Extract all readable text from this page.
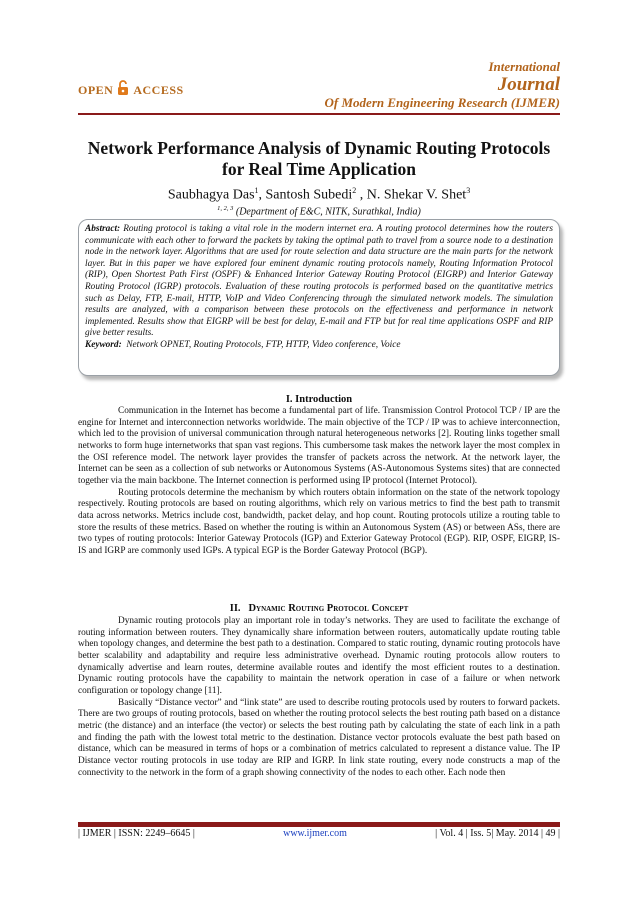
OPEN ACCESS
International
Journal
Of Modern Engineering Research (IJMER)
Network Performance Analysis of Dynamic Routing Protocols for Real Time Application
Saubhagya Das$^1$, Santosh Subedi$^2$ , N. Shekar V. Shet$^3$
$^{1, 2, 3}$ (Department of E&C, NITK, Surathkal, India)
Abstract: Routing protocol is taking a vital role in the modern internet era. A routing protocol determines how the routers communicate with each other to forward the packets by taking the optimal path to travel from a source node to a destination node in the network layer. Algorithms that are used for route selection and data structure are the main parts for the network layer. But in this paper we have explored four eminent dynamic routing protocols namely, Routing Information Protocol (RIP), Open Shortest Path First (OSPF) & Enhanced Interior Gateway Routing Protocol (EIGRP) and Interior Gateway Routing Protocol (IGRP) protocols. Evaluation of these routing protocols is performed based on the quantitative metrics such as Delay, FTP, E-mail, HTTP, VoIP and Video Conferencing through the simulated network models. The simulation results are analyzed, with a comparison between these protocols on the effectiveness and performance in network implemented. Results show that EIGRP will be best for delay, E-mail and FTP but for real time applications OSPF and RIP give better results.
Keyword: Network OPNET, Routing Protocols, FTP, HTTP, Video conference, Voice
I. Introduction

Communication in the Internet has become a fundamental part of life. Transmission Control Protocol TCP / IP are the engine for Internet and interconnection networks worldwide. The main objective of the TCP / IP was to achieve interconnection, which led to the provision of universal communication through natural heterogeneous networks [2]. Routing links together small networks to form huge internetworks that span vast regions. This cumbersome task makes the network layer the most complex in the OSI reference model. The network layer provides the transfer of packets across the network. At the network layer, the Internet can be seen as a collection of sub networks or Autonomous Systems (AS-Autonomous Systems sites) that are connected together via the main backbone. The Internet connection is performed using IP protocol (Internet Protocol).

Routing protocols determine the mechanism by which routers obtain information on the state of the network topology respectively. Routing protocols are based on routing algorithms, which rely on various metrics to find the best path to transmit data across networks. Metrics include cost, bandwidth, packet delay, and hop count. Routing protocols utilize a routing table to store the results of these metrics. Based on whether the routing is within an Autonomous System (AS) or between ASs, there are two types of routing protocols: Interior Gateway Protocols (IGP) and Exterior Gateway Protocol (EGP). RIP, OSPF, EIGRP, IS-IS and IGRP are commonly used IGPs. A typical EGP is the Border Gateway Protocol (BGP).

II. Dynamic Routing Protocol Concept

Dynamic routing protocols play an important role in today’s networks. They are used to facilitate the exchange of routing information between routers. They dynamically share information between routers, automatically update routing table when topology changes, and determine the best path to a destination. Compared to static routing, dynamic routing protocols have better scalability and adaptability and require less administrative overhead. Dynamic routing protocols allow routers to dynamically advertise and learn routes, determine available routes and identify the most efficient routes to a destination. Dynamic routing protocols have the capability to maintain the network operation in case of a failure or when network configuration or topology change [11].

Basically “Distance vector” and “link state” are used to describe routing protocols used by routers to forward packets. There are two groups of routing protocols, based on whether the routing protocol selects the best routing path based on a distance metric (the distance) and an interface (the vector) or selects the best routing path by calculating the state of each link in a path and finding the path with the lowest total metric to the destination. Distance vector protocols evaluate the best path based on distance, which can be measured in terms of hops or a combination of metrics calculated to represent a distance value. The IP Distance vector routing protocols in use today are RIP and IGRP. In link state routing, every node constructs a map of the connectivity to the network in the form of a graph showing connectivity of the nodes to each other. Each node then

| IJMER | ISSN: 2249–6645 |	www.ijmer.com	| Vol. 4 | Iss. 5| May. 2014 | 49 |
